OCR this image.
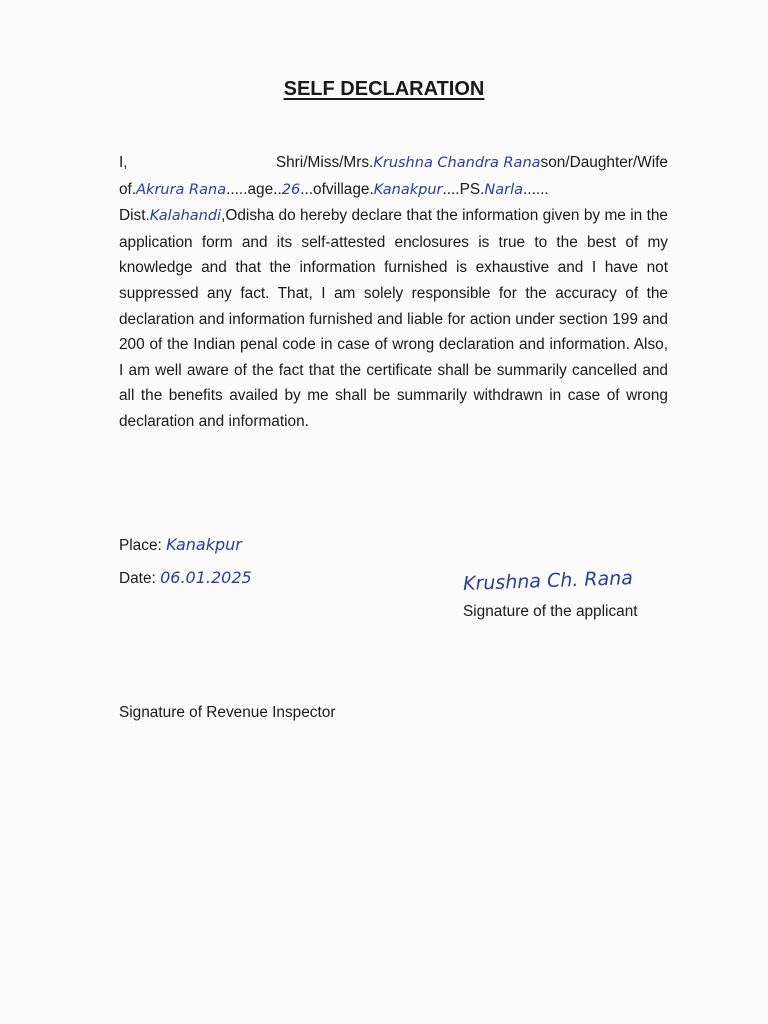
SELF DECLARATION
I,	Shri/Miss/Mrs.Krushna Chandra Ranason/Daughter/Wife
of.Akrura Rana.....age..26...ofvillage.Kanakpur....PS.Narla......
Dist.Kalahandi,Odisha do hereby declare that the information given by me in the application form and its self-attested enclosures is true to the best of my knowledge and that the information furnished is exhaustive and I have not suppressed any fact. That, I am solely responsible for the accuracy of the declaration and information furnished and liable for action under section 199 and 200 of the Indian penal code in case of wrong declaration and information. Also, I am well aware of the fact that the certificate shall be summarily cancelled and all the benefits availed by me shall be summarily withdrawn in case of wrong declaration and information.
Place: Kanakpur
Date: 06.01.2025	Krushna Ch. Rana
Signature of the applicant
Signature of Revenue Inspector
